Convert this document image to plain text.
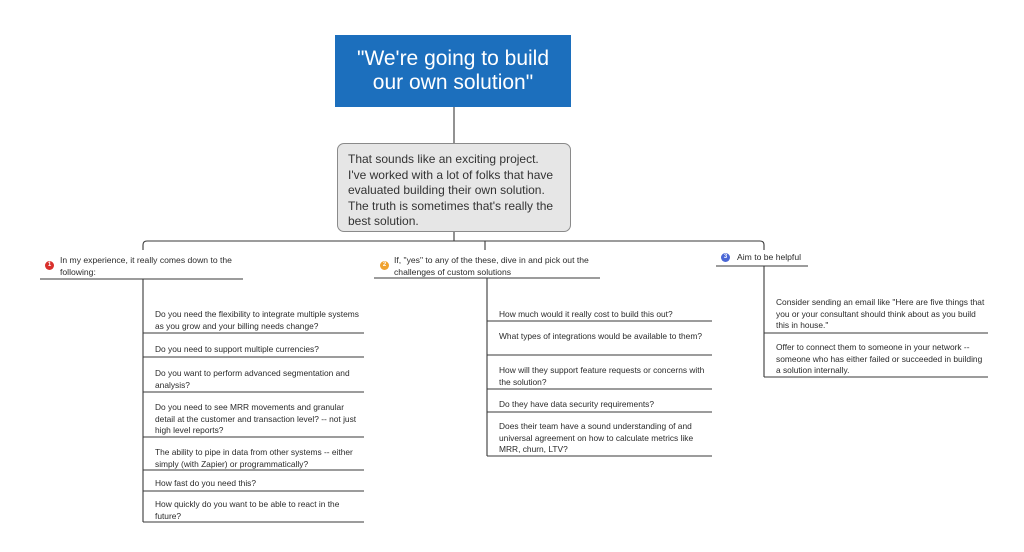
"We're going to build our own solution"
That sounds like an exciting project. I've worked with a lot of folks that have evaluated building their own solution. The truth is sometimes that's really the best solution.
1	In my experience, it really comes down to the following:
Do you need the flexibility to integrate multiple systems as you grow and your billing needs change?
Do you need to support multiple currencies?
Do you want to perform advanced segmentation and analysis?
Do you need to see MRR movements and granular detail at the customer and transaction level? -- not just high level reports?
The ability to pipe in data from other systems -- either simply (with Zapier) or programmatically?
How fast do you need this?
How quickly do you want to be able to react in the future?
2 If, "yes" to any of the these, dive in and pick out the challenges of custom solutions
How much would it really cost to build this out?
What types of integrations would be available to them?
How will they support feature requests or concerns with the solution?
Do they have data security requirements?
Does their team have a sound understanding of and universal agreement on how to calculate metrics like MRR, churn, LTV?
3	Aim to be helpful
Consider sending an email like "Here are five things that you or your consultant should think about as you build this in house."
Offer to connect them to someone in your network -- someone who has either failed or succeeded in building a solution internally.
